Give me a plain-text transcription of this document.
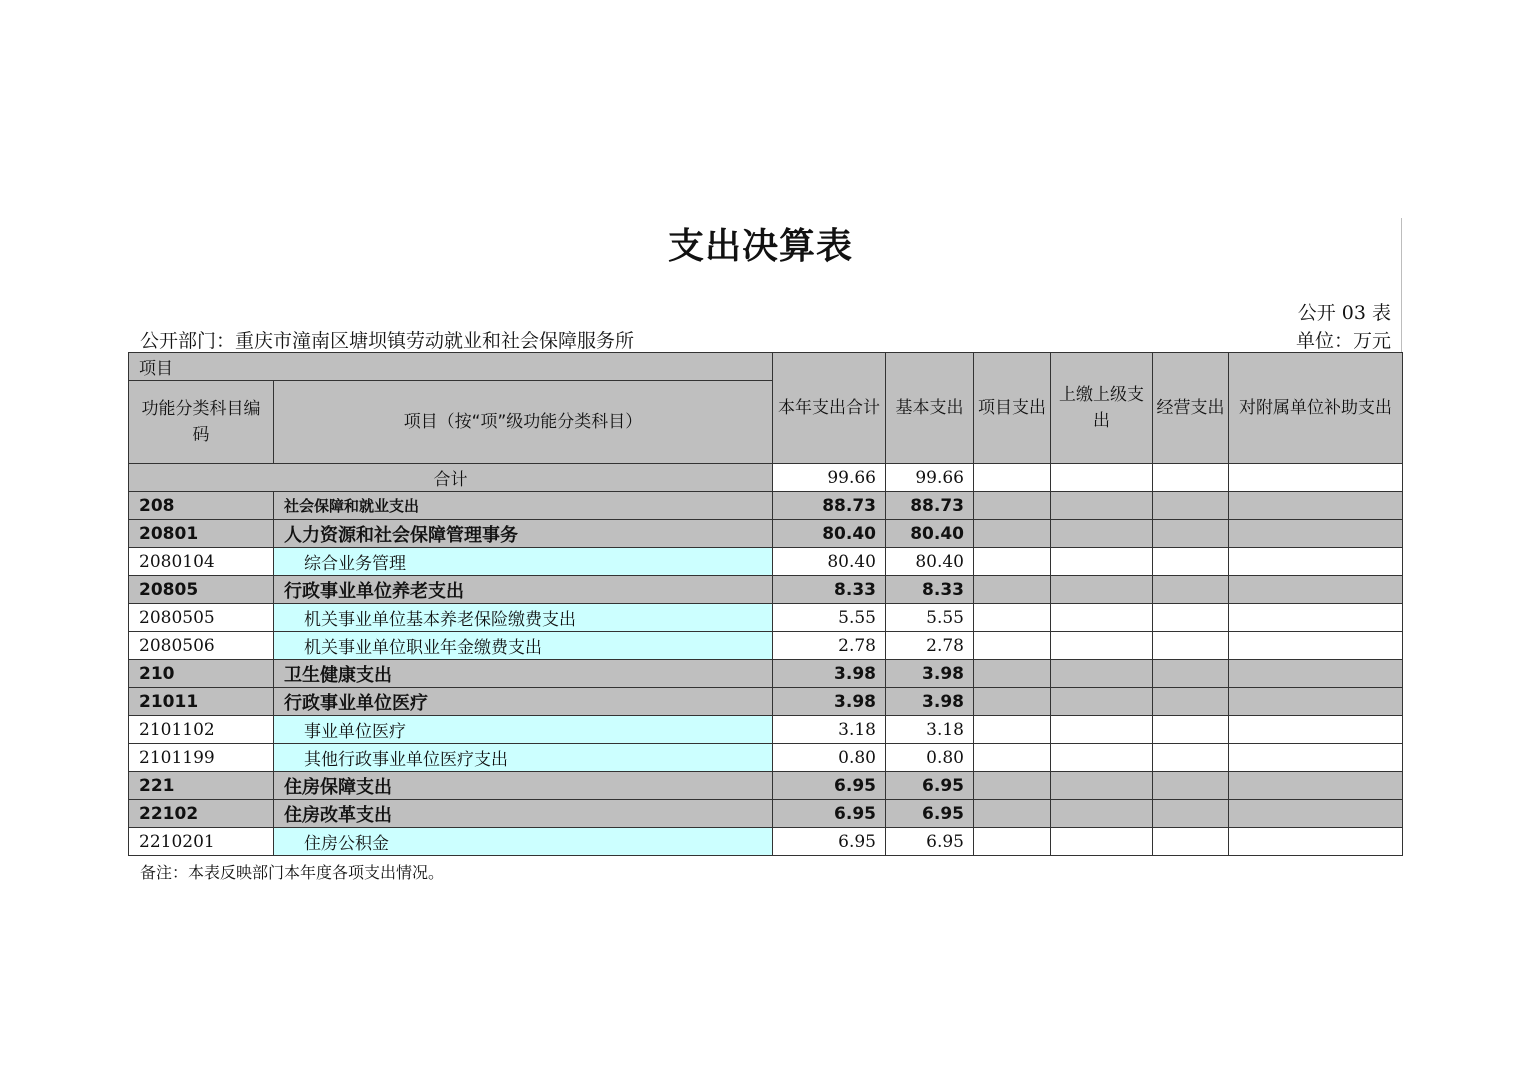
支出决算表
公开 03 表
公开部门：重庆市潼南区塘坝镇劳动就业和社会保障服务所	单位：万元
项目		本年支出合计	基本支出	项目支出	上缴上级支出	经营支出	对附属单位补助支出
功能分类科目编码	项目（按“项”级功能分类科目）						
合计		99.66	99.66				
208	社会保障和就业支出	88.73	88.73				
20801	人力资源和社会保障管理事务	80.40	80.40				
2080104	综合业务管理	80.40	80.40				
20805	行政事业单位养老支出	8.33	8.33				
2080505	机关事业单位基本养老保险缴费支出	5.55	5.55				
2080506	机关事业单位职业年金缴费支出	2.78	2.78				
210	卫生健康支出	3.98	3.98				
21011	行政事业单位医疗	3.98	3.98				
2101102	事业单位医疗	3.18	3.18				
2101199	其他行政事业单位医疗支出	0.80	0.80				
221	住房保障支出	6.95	6.95				
22102	住房改革支出	6.95	6.95				
2210201	住房公积金	6.95	6.95				
备注：本表反映部门本年度各项支出情况。
